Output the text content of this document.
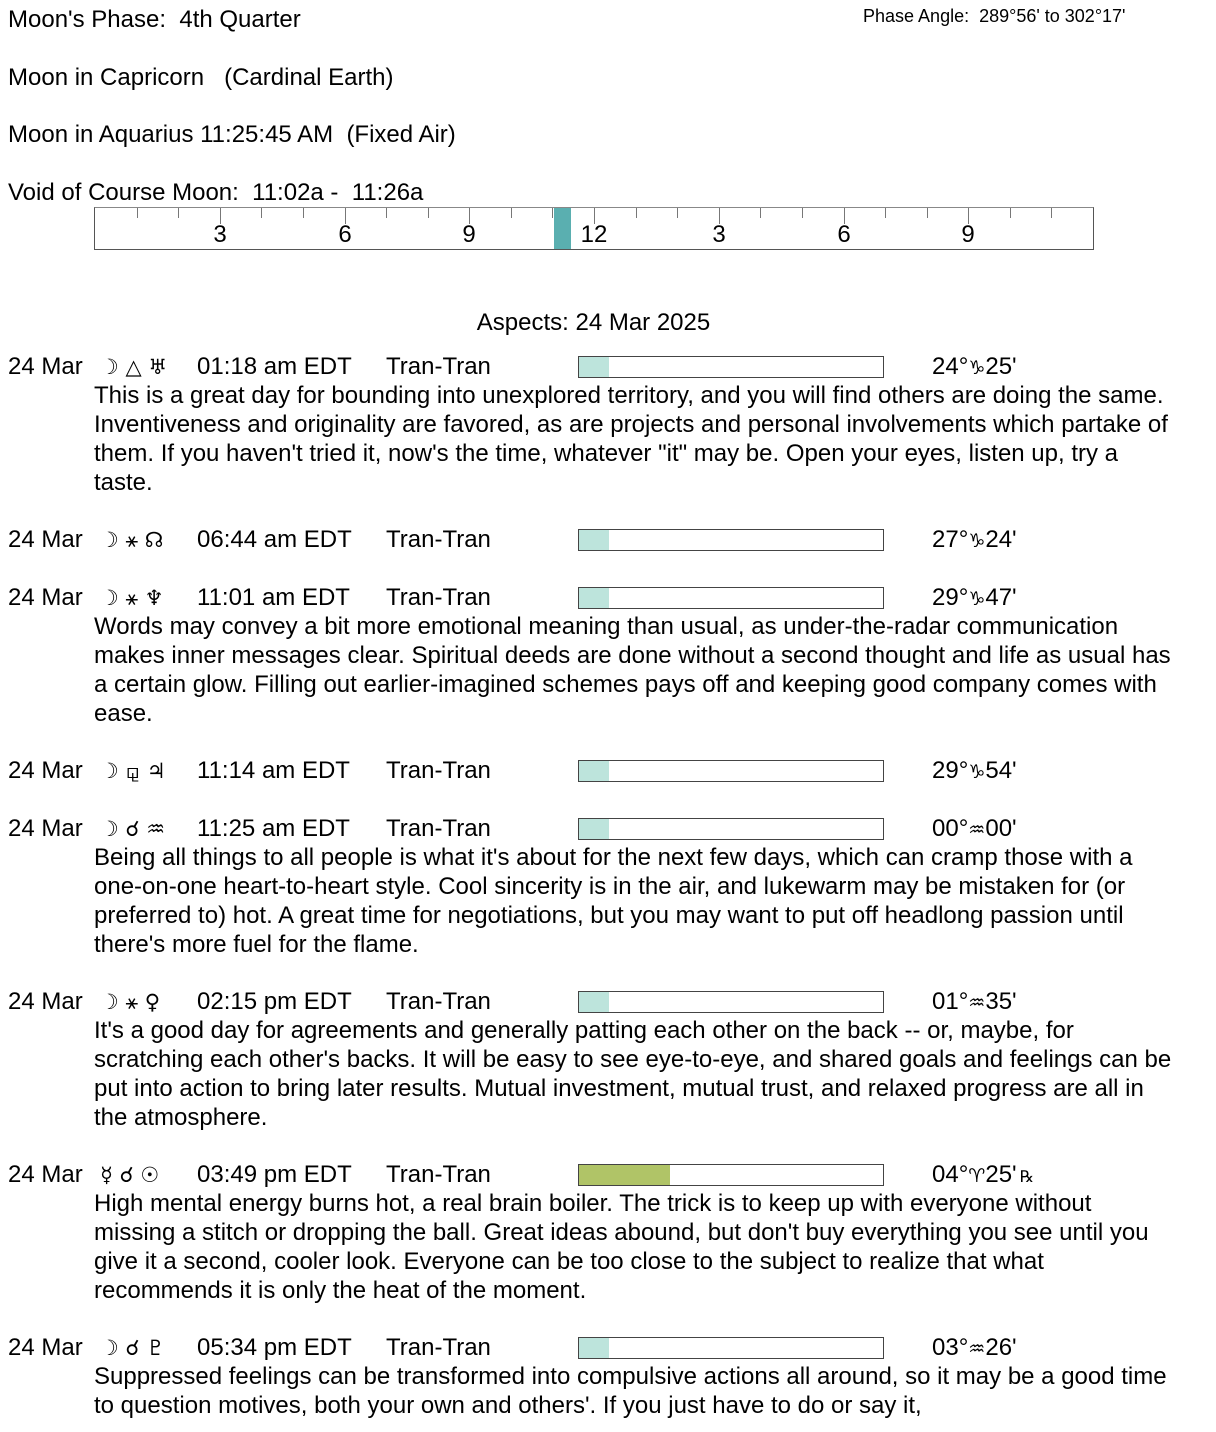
Moon's Phase:  4th Quarter	Phase Angle:  289°56' to 302°17'
Moon in Capricorn   (Cardinal Earth)
Moon in Aquarius 11:25:45 AM  (Fixed Air)
Void of Course Moon:  11:02a -  11:26a
3	6	9	12	3	6	9
Aspects: 24 Mar 2025
24 Mar ☽ △ ♅ 01:18 am EDT Tran-Tran	24°♑25'
This is a great day for bounding into unexplored territory, and you will find others are doing the same. Inventiveness and originality are favored, as are projects and personal involvements which partake of them. If you haven't tried it, now's the time, whatever "it" may be. Open your eyes, listen up, try a taste.
24 Mar ☽ ⚹ ☊ 06:44 am EDT Tran-Tran	27°♑24'
24 Mar ☽ ⚹ ♆ 11:01 am EDT Tran-Tran	29°♑47'
Words may convey a bit more emotional meaning than usual, as under-the-radar communication makes inner messages clear. Spiritual deeds are done without a second thought and life as usual has a certain glow. Filling out earlier-imagined schemes pays off and keeping good company comes with ease.
24 Mar ☽ ⚼ ♃ 11:14 am EDT Tran-Tran	29°♑54'
24 Mar ☽ ☌ ♒ 11:25 am EDT Tran-Tran	00°♒00'
Being all things to all people is what it's about for the next few days, which can cramp those with a one-on-one heart-to-heart style. Cool sincerity is in the air, and lukewarm may be mistaken for (or preferred to) hot. A great time for negotiations, but you may want to put off headlong passion until there's more fuel for the flame.
24 Mar ☽ ⚹ ♀ 02:15 pm EDT Tran-Tran	01°♒35'
It's a good day for agreements and generally patting each other on the back -- or, maybe, for scratching each other's backs. It will be easy to see eye-to-eye, and shared goals and feelings can be put into action to bring later results. Mutual investment, mutual trust, and relaxed progress are all in the atmosphere.
24 Mar ☿ ☌ ☉ 03:49 pm EDT Tran-Tran	04°♈25' ℞
High mental energy burns hot, a real brain boiler. The trick is to keep up with everyone without missing a stitch or dropping the ball. Great ideas abound, but don't buy everything you see until you give it a second, cooler look. Everyone can be too close to the subject to realize that what recommends it is only the heat of the moment.
24 Mar ☽ ☌ ♇ 05:34 pm EDT Tran-Tran	03°♒26'
Suppressed feelings can be transformed into compulsive actions all around, so it may be a good time to question motives, both your own and others'. If you just have to do or say it,
